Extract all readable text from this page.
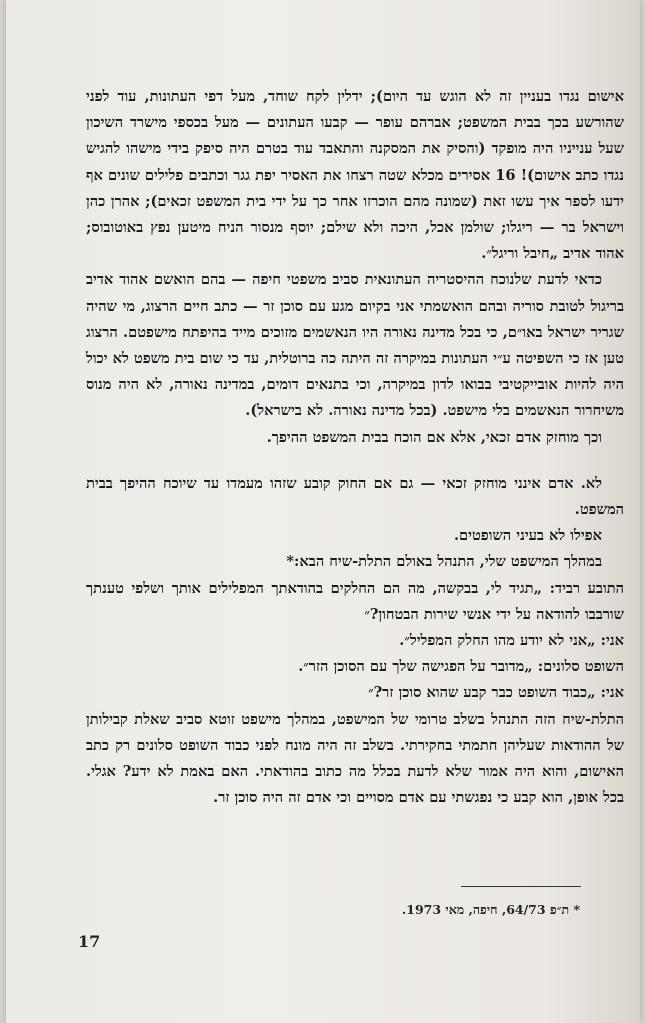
אישום נגדו בעניין זה לא הוגש עד היום); ידלין לקח שוחד, מעל דפי העתונות, עוד לפני שהורשע בכך בבית המשפט; אברהם עופר — קבעו העתונים — מעל בכספי מישרד השיכון שעל ענייניו היה מופקד (והסיק את המסקנה והתאבד עוד בטרם היה סיפק בידי מישהו להגיש נגדו כתב אישום)! 16 אסירים מכלא שטה רצחו את האסיר יפת גגר וכתבים פלילים שונים אף ידעו לספר איך עשו זאת (שמונה מהם הוכרזו אחר כך על ידי בית המשפט זכאים); אהרן כהן וישראל בר — ריגלו; שולמן אכל, היכה ולא שילם; יוסף מנסור הניח מיטען נפץ באוטובוס; אהוד אדיב „חיבל וריגל״.

כדאי לדעת שלנוכח ההיסטריה העתונאית סביב משפטי חיפה — בהם הואשם אהוד אדיב בריגול לטובת סוריה ובהם הואשמתי אני בקיום מגע עם סוכן זר — כתב חיים הרצוג, מי שהיה שגריר ישראל באו״ם, כי בכל מדינה נאורה היו הנאשמים מזוכים מייד בהיפתח מישפטם. הרצוג טען אז כי השפיטה ע״י העתונות במיקרה זה היתה כה ברוטלית, עד כי שום בית משפט לא יכול היה להיות אובייקטיבי בבואו לדון במיקרה, וכי בתנאים דומים, במדינה נאורה, לא היה מנוס משיחרור הנאשמים בלי מישפט. (בכל מדינה נאורה. לא בישראל).

וכך מוחזק אדם זכאי, אלא אם הוכח בבית המשפט ההיפך.

לא. אדם אינני מוחזק זכאי — גם אם החוק קובע שזהו מעמדו עד שיוכח ההיפך בבית המשפט.

אפילו לא בעיני השופטים.

במהלך המישפט שלי, התנהל באולם התלת-שיח הבא:*

התובע רביד: „תגיד לי, בבקשה, מה הם החלקים בהודאתך המפלילים אותך ושלפי טענתך שורבבו להודאה על ידי אנשי שירות הבטחון?״

אני: „אני לא יודע מהו החלק המפליל״.

השופט סלונים: „מדובר על הפגישה שלך עם הסוכן הזר״.

אני: „כבוד השופט כבר קבע שהוא סוכן זר?״

התלת-שיח הזה התנהל בשלב טרומי של המישפט, במהלך מישפט זוטא סביב שאלת קבילותן של ההודאות שעליהן חתמתי בחקירתי. בשלב זה היה מונח לפני כבוד השופט סלונים רק כתב האישום, והוא היה אמור שלא לדעת בכלל מה כתוב בהודאתי. האם באמת לא ידע? אגלי. בכל אופן, הוא קבע כי נפגשתי עם אדם מסויים וכי אדם זה היה סוכן זר.

* ת״פ 64/73, חיפה, מאי 1973.
17
